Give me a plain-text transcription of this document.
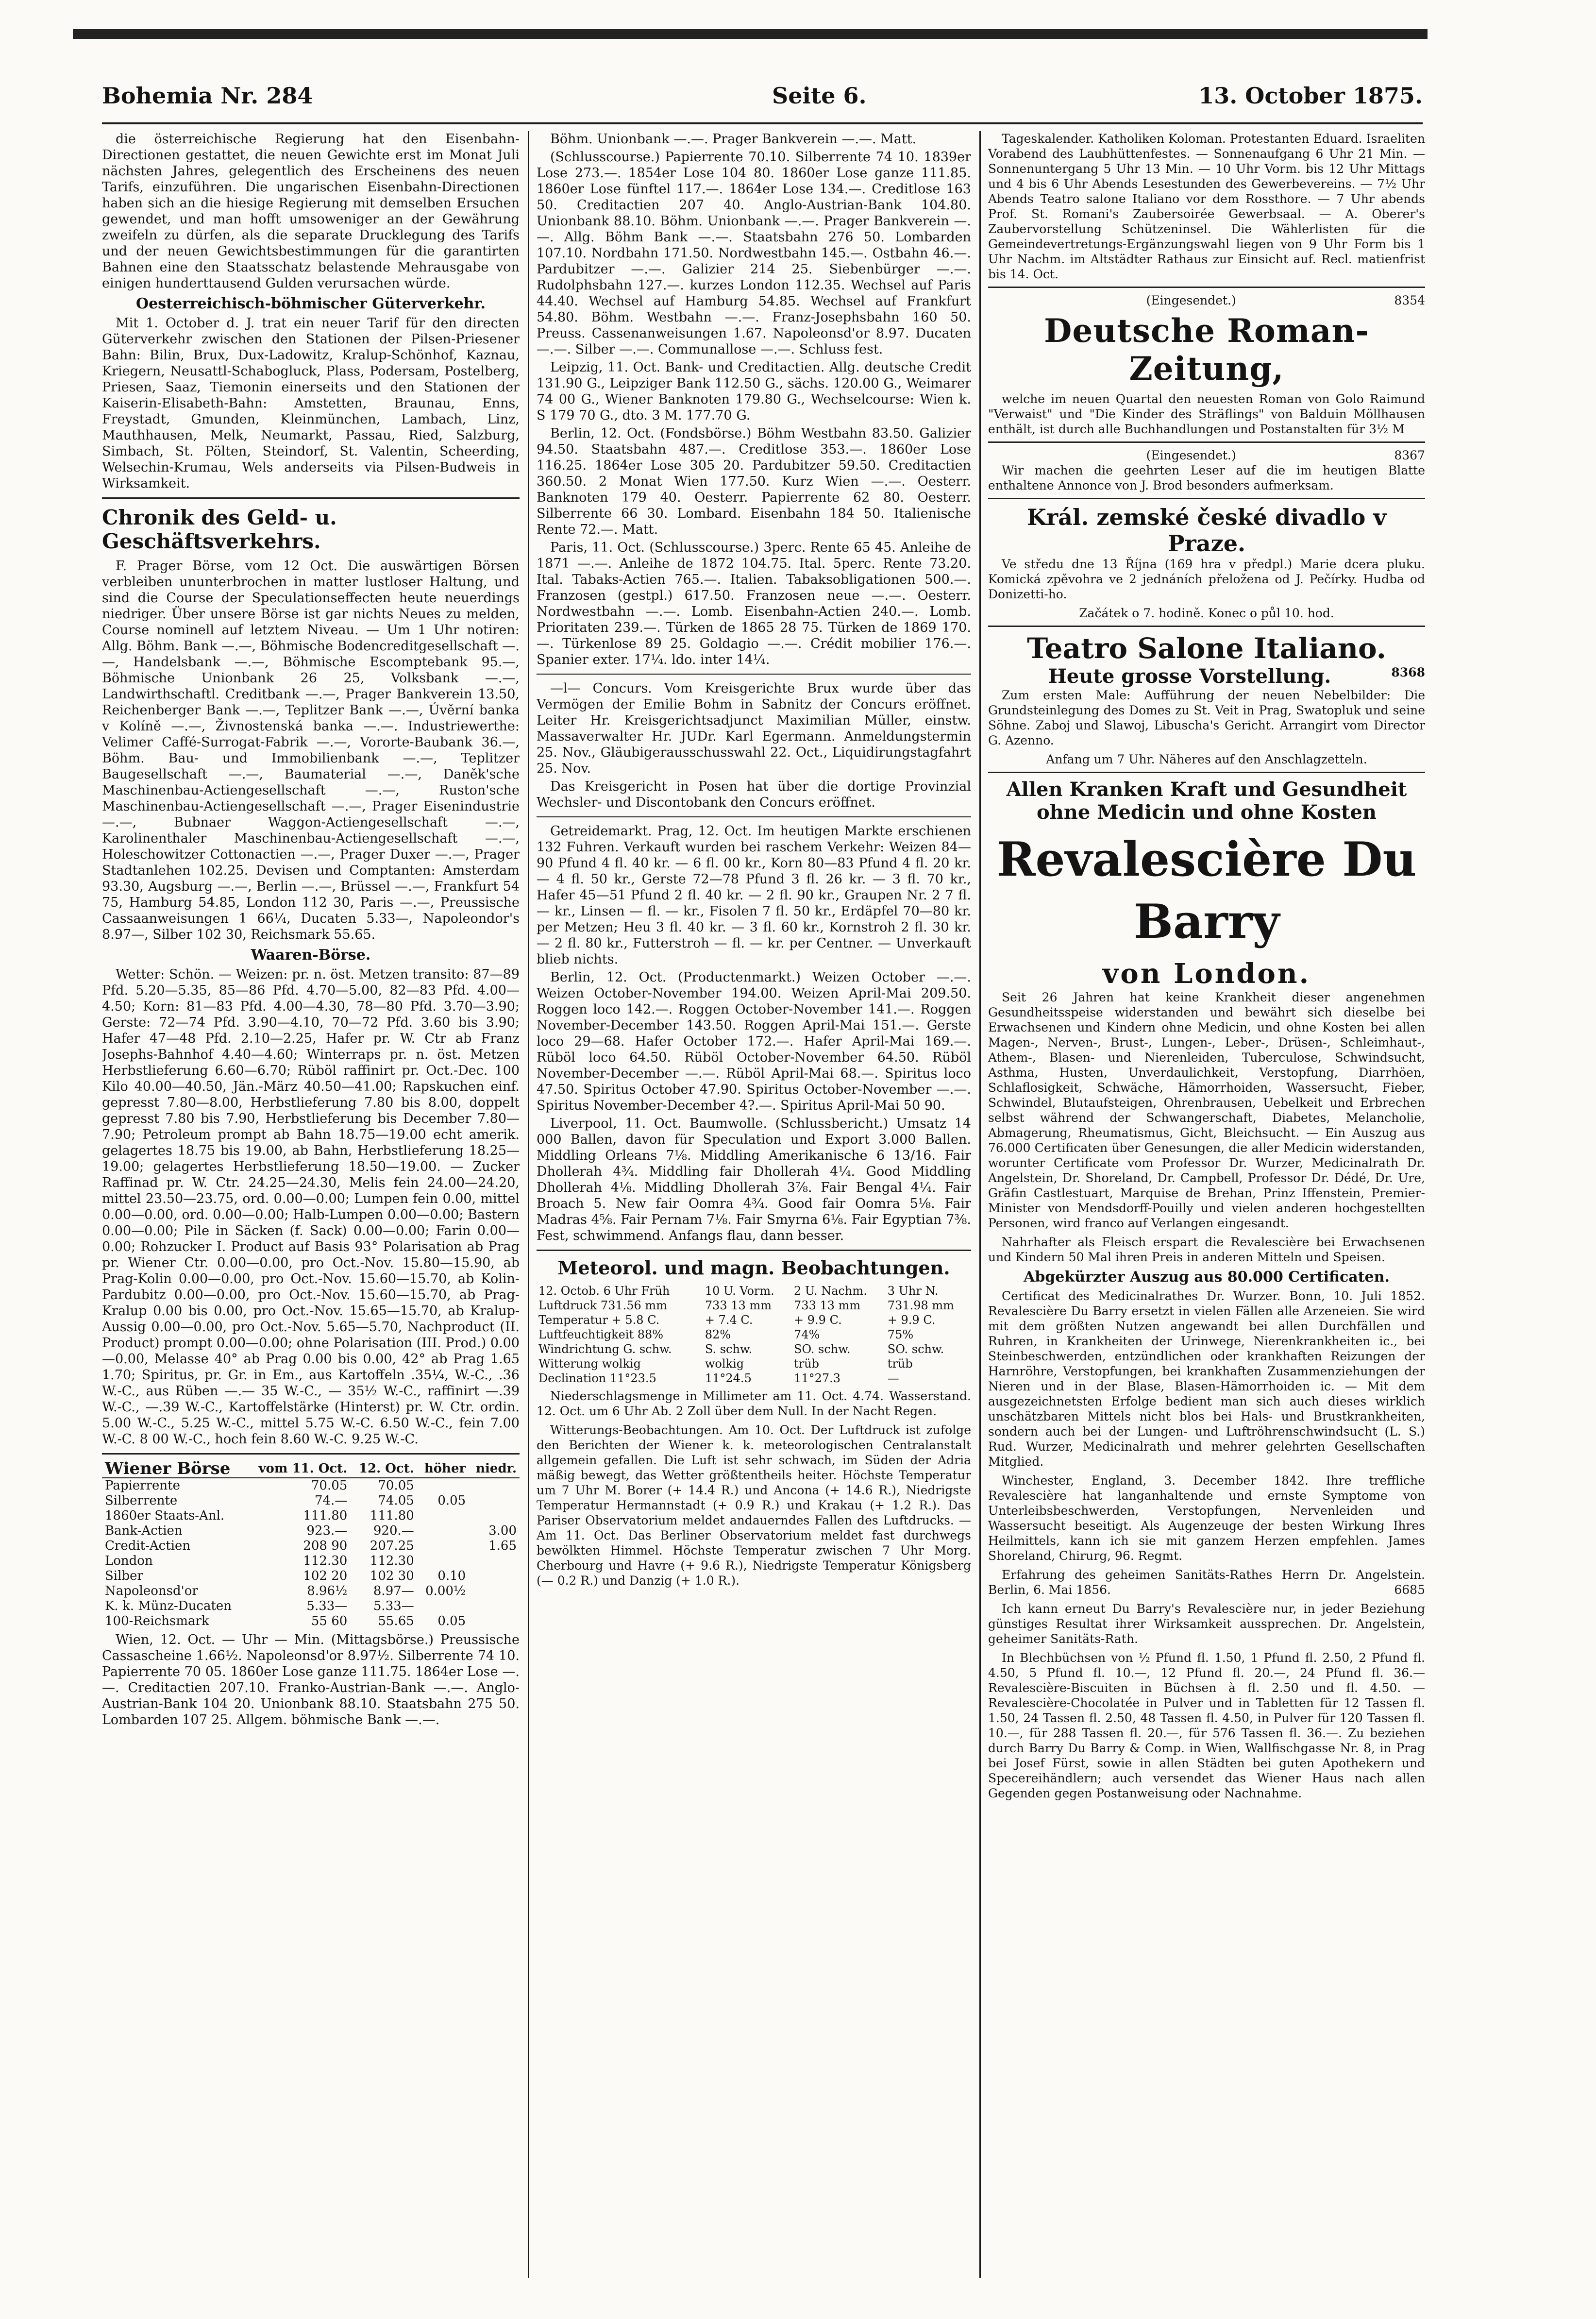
Bohemia Nr. 284	Seite 6.	13. October 1875.

die österreichische Regierung hat den Eisenbahn-Directionen gestattet, die neuen Gewichte erst im Monat Juli nächsten Jahres, gelegentlich des Erscheinens des neuen Tarifs, einzuführen. Die ungarischen Eisenbahn-Directionen haben sich an die hiesige Regierung mit demselben Ersuchen gewendet, und man hofft umsoweniger an der Gewährung zweifeln zu dürfen, als die separate Drucklegung des Tarifs und der neuen Gewichtsbestimmungen für die garantirten Bahnen eine den Staatsschatz belastende Mehrausgabe von einigen hunderttausend Gulden verursachen würde.

Oesterreichisch-böhmischer Güterverkehr.

Mit 1. October d. J. trat ein neuer Tarif für den directen Güterverkehr zwischen den Stationen der Pilsen-Priesener Bahn: Bilin, Brux, Dux-Ladowitz, Kralup-Schönhof, Kaznau, Kriegern, Neusattl-Schabogluck, Plass, Podersam, Postelberg, Priesen, Saaz, Tiemonin einerseits und den Stationen der Kaiserin-Elisabeth-Bahn: Amstetten, Braunau, Enns, Freystadt, Gmunden, Kleinmünchen, Lambach, Linz, Mauthhausen, Melk, Neumarkt, Passau, Ried, Salzburg, Simbach, St. Pölten, Steindorf, St. Valentin, Scheerding, Welsechin-Krumau, Wels anderseits via Pilsen-Budweis in Wirksamkeit.

Chronik des Geld- u. Geschäftsverkehrs.

F. Prager Börse, vom 12 Oct. Die auswärtigen Börsen verbleiben ununterbrochen in matter lustloser Haltung, und sind die Course der Speculationseffecten heute neuerdings niedriger. Über unsere Börse ist gar nichts Neues zu melden, Course nominell auf letztem Niveau. — Um 1 Uhr notiren: Allg. Böhm. Bank —.—, Böhmische Bodencreditgesellschaft —.—, Handelsbank —.—, Böhmische Escomptebank 95.—, Böhmische Unionbank 26 25, Volksbank —.—, Landwirthschaftl. Creditbank —.—, Prager Bankverein 13.50, Reichenberger Bank —.—, Teplitzer Bank —.—, Úvěrní banka v Kolíně —.—, Živnostenská banka —.—. Industriewerthe: Velimer Caffé-Surrogat-Fabrik —.—, Vororte-Baubank 36.—, Böhm. Bau- und Immobilienbank —.—, Teplitzer Baugesellschaft —.—, Baumaterial —.—, Daněk'sche Maschinenbau-Actiengesellschaft —.—, Ruston'sche Maschinenbau-Actiengesellschaft —.—, Prager Eisenindustrie —.—, Bubnaer Waggon-Actiengesellschaft —.—, Karolinenthaler Maschinenbau-Actiengesellschaft —.—, Holeschowitzer Cottonactien —.—, Prager Duxer —.—, Prager Stadtanlehen 102.25. Devisen und Comptanten: Amsterdam 93.30, Augsburg —.—, Berlin —.—, Brüssel —.—, Frankfurt 54 75, Hamburg 54.85, London 112 30, Paris —.—, Preussische Cassaanweisungen 1 66¼, Ducaten 5.33—, Napoleondor's 8.97—, Silber 102 30, Reichsmark 55.65.

Waaren-Börse.

Wetter: Schön. — Weizen: pr. n. öst. Metzen transito: 87—89 Pfd. 5.20—5.35, 85—86 Pfd. 4.70—5.00, 82—83 Pfd. 4.00—4.50; Korn: 81—83 Pfd. 4.00—4.30, 78—80 Pfd. 3.70—3.90; Gerste: 72—74 Pfd. 3.90—4.10, 70—72 Pfd. 3.60 bis 3.90; Hafer 47—48 Pfd. 2.10—2.25, Hafer pr. W. Ctr ab Franz Josephs-Bahnhof 4.40—4.60; Winterraps pr. n. öst. Metzen Herbstlieferung 6.60—6.70; Rüböl raffinirt pr. Oct.-Dec. 100 Kilo 40.00—40.50, Jän.-März 40.50—41.00; Rapskuchen einf. gepresst 7.80—8.00, Herbstlieferung 7.80 bis 8.00, doppelt gepresst 7.80 bis 7.90, Herbstlieferung bis December 7.80—7.90; Petroleum prompt ab Bahn 18.75—19.00 echt amerik. gelagertes 18.75 bis 19.00, ab Bahn, Herbstlieferung 18.25—19.00; gelagertes Herbstlieferung 18.50—19.00. — Zucker Raffinad pr. W. Ctr. 24.25—24.30, Melis fein 24.00—24.20, mittel 23.50—23.75, ord. 0.00—0.00; Lumpen fein 0.00, mittel 0.00—0.00, ord. 0.00—0.00; Halb-Lumpen 0.00—0.00; Bastern 0.00—0.00; Pile in Säcken (f. Sack) 0.00—0.00; Farin 0.00—0.00; Rohzucker I. Product auf Basis 93° Polarisation ab Prag pr. Wiener Ctr. 0.00—0.00, pro Oct.-Nov. 15.80—15.90, ab Prag-Kolin 0.00—0.00, pro Oct.-Nov. 15.60—15.70, ab Kolin-Pardubitz 0.00—0.00, pro Oct.-Nov. 15.60—15.70, ab Prag-Kralup 0.00 bis 0.00, pro Oct.-Nov. 15.65—15.70, ab Kralup-Aussig 0.00—0.00, pro Oct.-Nov. 5.65—5.70, Nachproduct (II. Product) prompt 0.00—0.00; ohne Polarisation (III. Prod.) 0.00—0.00, Melasse 40° ab Prag 0.00 bis 0.00, 42° ab Prag 1.65 1.70; Spiritus, pr. Gr. in Em., aus Kartoffeln .35¼, W.-C., .36 W.-C., aus Rüben —.— 35 W.-C., — 35½ W.-C., raffinirt —.39 W.-C., —.39 W.-C., Kartoffelstärke (Hinterst) pr. W. Ctr. ordin. 5.00 W.-C., 5.25 W.-C., mittel 5.75 W.-C. 6.50 W.-C., fein 7.00 W.-C. 8 00 W.-C., hoch fein 8.60 W.-C. 9.25 W.-C.

Wiener Börse	vom 11. Oct.	12. Oct.	höher	niedr.
Papierrente	70.05	70.05		
Silberrente	74.—	74.05	0.05	
1860er Staats-Anl.	111.80	111.80		
Bank-Actien	923.—	920.—		3.00
Credit-Actien	208 90	207.25		1.65
London	112.30	112.30		
Silber	102 20	102 30	0.10	
Napoleonsd'or	8.96½	8.97—	0.00½	
K. k. Münz-Ducaten	5.33—	5.33—		
100-Reichsmark	55 60	55.65	0.05	

Wien, 12. Oct. — Uhr — Min. (Mittagsbörse.) Preussische Cassascheine 1.66½. Napoleonsd'or 8.97½. Silberrente 74 10. Papierrente 70 05. 1860er Lose ganze 111.75. 1864er Lose —.—. Creditactien 207.10. Franko-Austrian-Bank —.—. Anglo-Austrian-Bank 104 20. Unionbank 88.10. Staatsbahn 275 50. Lombarden 107 25. Allgem. böhmische Bank —.—.

Böhm. Unionbank —.—. Prager Bankverein —.—. Matt.

(Schlusscourse.) Papierrente 70.10. Silberrente 74 10. 1839er Lose 273.—. 1854er Lose 104 80. 1860er Lose ganze 111.85. 1860er Lose fünftel 117.—. 1864er Lose 134.—. Creditlose 163 50. Creditactien 207 40. Anglo-Austrian-Bank 104.80. Unionbank 88.10. Böhm. Unionbank —.—. Prager Bankverein —.—. Allg. Böhm Bank —.—. Staatsbahn 276 50. Lombarden 107.10. Nordbahn 171.50. Nordwestbahn 145.—. Ostbahn 46.—. Pardubitzer —.—. Galizier 214 25. Siebenbürger —.—. Rudolphsbahn 127.—. kurzes London 112.35. Wechsel auf Paris 44.40. Wechsel auf Hamburg 54.85. Wechsel auf Frankfurt 54.80. Böhm. Westbahn —.—. Franz-Josephsbahn 160 50. Preuss. Cassenanweisungen 1.67. Napoleonsd'or 8.97. Ducaten —.—. Silber —.—. Communallose —.—. Schluss fest.

Leipzig, 11. Oct. Bank- und Creditactien. Allg. deutsche Credit 131.90 G., Leipziger Bank 112.50 G., sächs. 120.00 G., Weimarer 74 00 G., Wiener Banknoten 179.80 G., Wechselcourse: Wien k. S 179 70 G., dto. 3 M. 177.70 G.

Berlin, 12. Oct. (Fondsbörse.) Böhm Westbahn 83.50. Galizier 94.50. Staatsbahn 487.—. Creditlose 353.—. 1860er Lose 116.25. 1864er Lose 305 20. Pardubitzer 59.50. Creditactien 360.50. 2 Monat Wien 177.50. Kurz Wien —.—. Oesterr. Banknoten 179 40. Oesterr. Papierrente 62 80. Oesterr. Silberrente 66 30. Lombard. Eisenbahn 184 50. Italienische Rente 72.—. Matt.

Paris, 11. Oct. (Schlusscourse.) 3perc. Rente 65 45. Anleihe de 1871 —.—. Anleihe de 1872 104.75. Ital. 5perc. Rente 73.20. Ital. Tabaks-Actien 765.—. Italien. Tabaksobligationen 500.—. Franzosen (gestpl.) 617.50. Franzosen neue —.—. Oesterr. Nordwestbahn —.—. Lomb. Eisenbahn-Actien 240.—. Lomb. Prioritaten 239.—. Türken de 1865 28 75. Türken de 1869 170.—. Türkenlose 89 25. Goldagio —.—. Crédit mobilier 176.—. Spanier exter. 17¼. ldo. inter 14¼.

—l— Concurs. Vom Kreisgerichte Brux wurde über das Vermögen der Emilie Bohm in Sabnitz der Concurs eröffnet. Leiter Hr. Kreisgerichtsadjunct Maximilian Müller, einstw. Massaverwalter Hr. JUDr. Karl Egermann. Anmeldungstermin 25. Nov., Gläubigerausschusswahl 22. Oct., Liquidirungstagfahrt 25. Nov.

Das Kreisgericht in Posen hat über die dortige Provinzial Wechsler- und Discontobank den Concurs eröffnet.

Getreidemarkt. Prag, 12. Oct. Im heutigen Markte erschienen 132 Fuhren. Verkauft wurden bei raschem Verkehr: Weizen 84—90 Pfund 4 fl. 40 kr. — 6 fl. 00 kr., Korn 80—83 Pfund 4 fl. 20 kr. — 4 fl. 50 kr., Gerste 72—78 Pfund 3 fl. 26 kr. — 3 fl. 70 kr., Hafer 45—51 Pfund 2 fl. 40 kr. — 2 fl. 90 kr., Graupen Nr. 2 7 fl. — kr., Linsen — fl. — kr., Fisolen 7 fl. 50 kr., Erdäpfel 70—80 kr. per Metzen; Heu 3 fl. 40 kr. — 3 fl. 60 kr., Kornstroh 2 fl. 30 kr. — 2 fl. 80 kr., Futterstroh — fl. — kr. per Centner. — Unverkauft blieb nichts.

Berlin, 12. Oct. (Productenmarkt.) Weizen October —.—. Weizen October-November 194.00. Weizen April-Mai 209.50. Roggen loco 142.—. Roggen October-November 141.—. Roggen November-December 143.50. Roggen April-Mai 151.—. Gerste loco 29—68. Hafer October 172.—. Hafer April-Mai 169.—. Rüböl loco 64.50. Rüböl October-November 64.50. Rüböl November-December —.—. Rüböl April-Mai 68.—. Spiritus loco 47.50. Spiritus October 47.90. Spiritus October-November —.—. Spiritus November-December 4?.—. Spiritus April-Mai 50 90.

Liverpool, 11. Oct. Baumwolle. (Schlussbericht.) Umsatz 14 000 Ballen, davon für Speculation und Export 3.000 Ballen. Middling Orleans 7⅛. Middling Amerikanische 6 13/16. Fair Dhollerah 4¾. Middling fair Dhollerah 4¼. Good Middling Dhollerah 4⅛. Middling Dhollerah 3⅞. Fair Bengal 4¼. Fair Broach 5. New fair Oomra 4¾. Good fair Oomra 5⅛. Fair Madras 4⅝. Fair Pernam 7⅛. Fair Smyrna 6⅛. Fair Egyptian 7⅜. Fest, schwimmend. Anfangs flau, dann besser.

Meteorol. und magn. Beobachtungen.
12. Octob. 6 Uhr Früh	10 U. Vorm.	2 U. Nachm.	3 Uhr N.
Luftdruck 731.56 mm	733 13 mm	733 13 mm	731.98 mm
Temperatur + 5.8 C.	+ 7.4 C.	+ 9.9 C.	+ 9.9 C.
Luftfeuchtigkeit 88%	82%	74%	75%
Windrichtung G. schw.	S. schw.	SO. schw.	SO. schw.
Witterung wolkig	wolkig	trüb	trüb
Declination 11°23.5	11°24.5	11°27.3	—

Niederschlagsmenge in Millimeter am 11. Oct. 4.74. Wasserstand. 12. Oct. um 6 Uhr Ab. 2 Zoll über dem Null. In der Nacht Regen.

Witterungs-Beobachtungen. Am 10. Oct. Der Luftdruck ist zufolge den Berichten der Wiener k. k. meteorologischen Centralanstalt allgemein gefallen. Die Luft ist sehr schwach, im Süden der Adria mäßig bewegt, das Wetter größtentheils heiter. Höchste Temperatur um 7 Uhr M. Borer (+ 14.4 R.) und Ancona (+ 14.6 R.), Niedrigste Temperatur Hermannstadt (+ 0.9 R.) und Krakau (+ 1.2 R.). Das Pariser Observatorium meldet andauerndes Fallen des Luftdrucks. — Am 11. Oct. Das Berliner Observatorium meldet fast durchwegs bewölkten Himmel. Höchste Temperatur zwischen 7 Uhr Morg. Cherbourg und Havre (+ 9.6 R.), Niedrigste Temperatur Königsberg (— 0.2 R.) und Danzig (+ 1.0 R.).

Tageskalender. Katholiken Koloman. Protestanten Eduard. Israeliten Vorabend des Laubhüttenfestes. — Sonnenaufgang 6 Uhr 21 Min. — Sonnenuntergang 5 Uhr 13 Min. — 10 Uhr Vorm. bis 12 Uhr Mittags und 4 bis 6 Uhr Abends Lesestunden des Gewerbevereins. — 7½ Uhr Abends Teatro salone Italiano vor dem Rossthore. — 7 Uhr abends Prof. St. Romani's Zaubersoirée Gewerbsaal. — A. Oberer's Zaubervorstellung Schützeninsel. Die Wählerlisten für die Gemeindevertretungs-Ergänzungswahl liegen von 9 Uhr Form bis 1 Uhr Nachm. im Altstädter Rathaus zur Einsicht auf. Recl. matienfrist bis 14. Oct.

(Eingesendet.)	8354
Deutsche Roman-Zeitung,

welche im neuen Quartal den neuesten Roman von Golo Raimund "Verwaist" und "Die Kinder des Sträflings" von Balduin Möllhausen enthält, ist durch alle Buchhandlungen und Postanstalten für 3½ M

(Eingesendet.)	8367

Wir machen die geehrten Leser auf die im heutigen Blatte enthaltene Annonce von J. Brod besonders aufmerksam.

Král. zemské české divadlo v Praze.

Ve středu dne 13 Října (169 hra v předpl.) Marie dcera pluku. Komická zpěvohra ve 2 jednáních přeložena od J. Pečírky. Hudba od Donizetti-ho.

Začátek o 7. hodině. Konec o půl 10. hod.
Teatro Salone Italiano.
Heute grosse Vorstellung.	8368

Zum ersten Male: Aufführung der neuen Nebelbilder: Die Grundsteinlegung des Domes zu St. Veit in Prag, Swatopluk und seine Söhne. Zaboj und Slawoj, Libuscha's Gericht. Arrangirt vom Director G. Azenno.

Anfang um 7 Uhr. Näheres auf den Anschlagzetteln.
Allen Kranken Kraft und Gesundheit ohne Medicin und ohne Kosten
Revalescière Du Barry
von London.

Seit 26 Jahren hat keine Krankheit dieser angenehmen Gesundheitsspeise widerstanden und bewährt sich dieselbe bei Erwachsenen und Kindern ohne Medicin, und ohne Kosten bei allen Magen-, Nerven-, Brust-, Lungen-, Leber-, Drüsen-, Schleimhaut-, Athem-, Blasen- und Nierenleiden, Tuberculose, Schwindsucht, Asthma, Husten, Unverdaulichkeit, Verstopfung, Diarrhöen, Schlaflosigkeit, Schwäche, Hämorrhoiden, Wassersucht, Fieber, Schwindel, Blutaufsteigen, Ohrenbrausen, Uebelkeit und Erbrechen selbst während der Schwangerschaft, Diabetes, Melancholie, Abmagerung, Rheumatismus, Gicht, Bleichsucht. — Ein Auszug aus 76.000 Certificaten über Genesungen, die aller Medicin widerstanden, worunter Certificate vom Professor Dr. Wurzer, Medicinalrath Dr. Angelstein, Dr. Shoreland, Dr. Campbell, Professor Dr. Dédé, Dr. Ure, Gräfin Castlestuart, Marquise de Brehan, Prinz Iffenstein, Premier-Minister von Mendsdorff-Pouilly und vielen anderen hochgestellten Personen, wird franco auf Verlangen eingesandt.

Nahrhafter als Fleisch erspart die Revalescière bei Erwachsenen und Kindern 50 Mal ihren Preis in anderen Mitteln und Speisen.

Abgekürzter Auszug aus 80.000 Certificaten.

Certificat des Medicinalrathes Dr. Wurzer. Bonn, 10. Juli 1852. Revalescière Du Barry ersetzt in vielen Fällen alle Arzeneien. Sie wird mit dem größten Nutzen angewandt bei allen Durchfällen und Ruhren, in Krankheiten der Urinwege, Nierenkrankheiten ic., bei Steinbeschwerden, entzündlichen oder krankhaften Reizungen der Harnröhre, Verstopfungen, bei krankhaften Zusammenziehungen der Nieren und in der Blase, Blasen-Hämorrhoiden ic. — Mit dem ausgezeichnetsten Erfolge bedient man sich auch dieses wirklich unschätzbaren Mittels nicht blos bei Hals- und Brustkrankheiten, sondern auch bei der Lungen- und Luftröhrenschwindsucht (L. S.) Rud. Wurzer, Medicinalrath und mehrer gelehrten Gesellschaften Mitglied.

Winchester, England, 3. December 1842. Ihre treffliche Revalescière hat langanhaltende und ernste Symptome von Unterleibsbeschwerden, Verstopfungen, Nervenleiden und Wassersucht beseitigt. Als Augenzeuge der besten Wirkung Ihres Heilmittels, kann ich sie mit ganzem Herzen empfehlen. James Shoreland, Chirurg, 96. Regmt.

Erfahrung des geheimen Sanitäts-Rathes Herrn Dr. Angelstein. Berlin, 6. Mai 1856.	6685

Ich kann erneut Du Barry's Revalescière nur, in jeder Beziehung günstiges Resultat ihrer Wirksamkeit aussprechen. Dr. Angelstein, geheimer Sanitäts-Rath.

In Blechbüchsen von ½ Pfund fl. 1.50, 1 Pfund fl. 2.50, 2 Pfund fl. 4.50, 5 Pfund fl. 10.—, 12 Pfund fl. 20.—, 24 Pfund fl. 36.— Revalescière-Biscuiten in Büchsen à fl. 2.50 und fl. 4.50. — Revalescière-Chocolatée in Pulver und in Tabletten für 12 Tassen fl. 1.50, 24 Tassen fl. 2.50, 48 Tassen fl. 4.50, in Pulver für 120 Tassen fl. 10.—, für 288 Tassen fl. 20.—, für 576 Tassen fl. 36.—. Zu beziehen durch Barry Du Barry & Comp. in Wien, Wallfischgasse Nr. 8, in Prag bei Josef Fürst, sowie in allen Städten bei guten Apothekern und Specereihändlern; auch versendet das Wiener Haus nach allen Gegenden gegen Postanweisung oder Nachnahme.
